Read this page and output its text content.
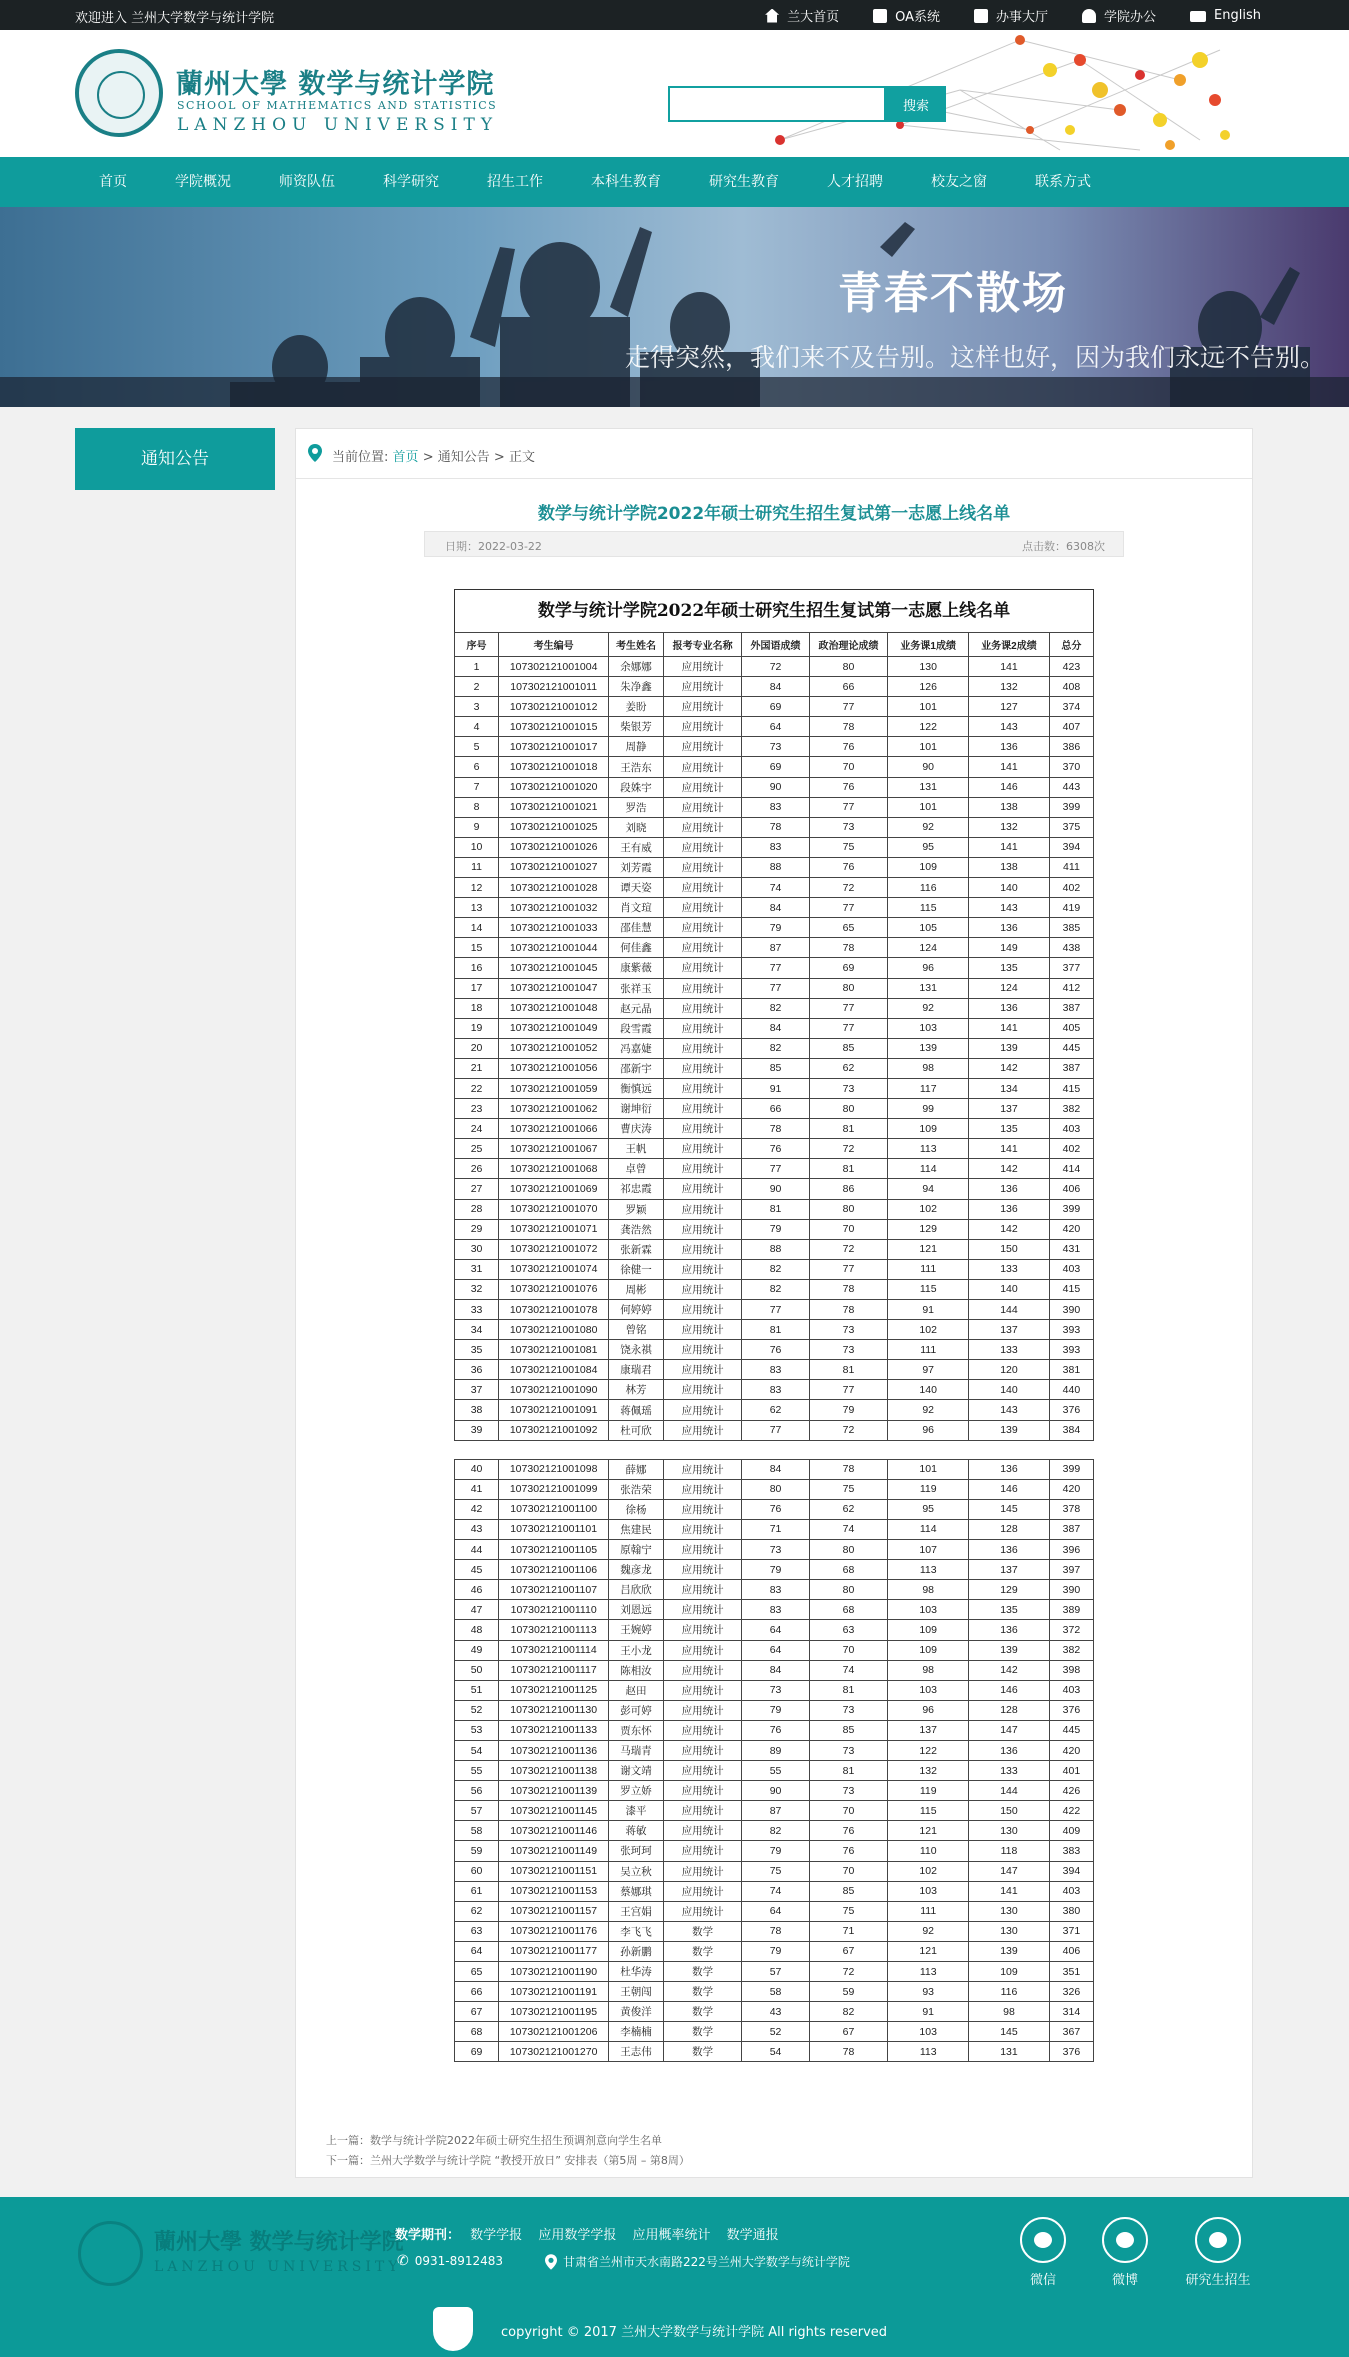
欢迎进入 兰州大学数学与统计学院	兰大首页	OA系统	办事大厅	学院办公	English
蘭州大學 数学与统计学院
SCHOOL OF MATHEMATICS AND STATISTICS
LANZHOU UNIVERSITY
搜索
首页	学院概况	师资队伍	科学研究	招生工作	本科生教育	研究生教育	人才招聘	校友之窗	联系方式
青春不散场
走得突然，我们来不及告别。这样也好，因为我们永远不告别。
通知公告	当前位置: 首页 > 通知公告 > 正文
数学与统计学院2022年硕士研究生招生复试第一志愿上线名单
日期：2022-03-22	点击数：6308次
数学与统计学院2022年硕士研究生招生复试第一志愿上线名单
序号	考生编号	考生姓名	报考专业名称	外国语成绩	政治理论成绩	业务课1成绩	业务课2成绩	总分
1	107302121001004	余娜娜	应用统计	72	80	130	141	423
2	107302121001011	朱净鑫	应用统计	84	66	126	132	408
3	107302121001012	姜盼	应用统计	69	77	101	127	374
4	107302121001015	柴银芳	应用统计	64	78	122	143	407
5	107302121001017	周静	应用统计	73	76	101	136	386
6	107302121001018	王浩东	应用统计	69	70	90	141	370
7	107302121001020	段姝宇	应用统计	90	76	131	146	443
8	107302121001021	罗浩	应用统计	83	77	101	138	399
9	107302121001025	刘晓	应用统计	78	73	92	132	375
10	107302121001026	王有威	应用统计	83	75	95	141	394
11	107302121001027	刘芳霞	应用统计	88	76	109	138	411
12	107302121001028	谭天姿	应用统计	74	72	116	140	402
13	107302121001032	肖文瑄	应用统计	84	77	115	143	419
14	107302121001033	邵佳慧	应用统计	79	65	105	136	385
15	107302121001044	何佳鑫	应用统计	87	78	124	149	438
16	107302121001045	康紫薇	应用统计	77	69	96	135	377
17	107302121001047	张祥玉	应用统计	77	80	131	124	412
18	107302121001048	赵元晶	应用统计	82	77	92	136	387
19	107302121001049	段雪霞	应用统计	84	77	103	141	405
20	107302121001052	冯嘉婕	应用统计	82	85	139	139	445
21	107302121001056	邵新宇	应用统计	85	62	98	142	387
22	107302121001059	衡慎远	应用统计	91	73	117	134	415
23	107302121001062	谢坤衍	应用统计	66	80	99	137	382
24	107302121001066	曹庆涛	应用统计	78	81	109	135	403
25	107302121001067	王帆	应用统计	76	72	113	141	402
26	107302121001068	卓曾	应用统计	77	81	114	142	414
27	107302121001069	祁忠霞	应用统计	90	86	94	136	406
28	107302121001070	罗颖	应用统计	81	80	102	136	399
29	107302121001071	龚浩然	应用统计	79	70	129	142	420
30	107302121001072	张新霖	应用统计	88	72	121	150	431
31	107302121001074	徐健一	应用统计	82	77	111	133	403
32	107302121001076	周彬	应用统计	82	78	115	140	415
33	107302121001078	何婷婷	应用统计	77	78	91	144	390
34	107302121001080	曾铭	应用统计	81	73	102	137	393
35	107302121001081	饶永祺	应用统计	76	73	111	133	393
36	107302121001084	康瑞君	应用统计	83	81	97	120	381
37	107302121001090	林芳	应用统计	83	77	140	140	440
38	107302121001091	蒋佩瑶	应用统计	62	79	92	143	376
39	107302121001092	杜可欣	应用统计	77	72	96	139	384
40	107302121001098	薛娜	应用统计	84	78	101	136	399
41	107302121001099	张浩荣	应用统计	80	75	119	146	420
42	107302121001100	徐杨	应用统计	76	62	95	145	378
43	107302121001101	焦建民	应用统计	71	74	114	128	387
44	107302121001105	原翰宁	应用统计	73	80	107	136	396
45	107302121001106	魏彦龙	应用统计	79	68	113	137	397
46	107302121001107	吕欣欣	应用统计	83	80	98	129	390
47	107302121001110	刘恩远	应用统计	83	68	103	135	389
48	107302121001113	王婉婷	应用统计	64	63	109	136	372
49	107302121001114	王小龙	应用统计	64	70	109	139	382
50	107302121001117	陈相汝	应用统计	84	74	98	142	398
51	107302121001125	赵田	应用统计	73	81	103	146	403
52	107302121001130	彭可婷	应用统计	79	73	96	128	376
53	107302121001133	贾东怀	应用统计	76	85	137	147	445
54	107302121001136	马瑞青	应用统计	89	73	122	136	420
55	107302121001138	谢文靖	应用统计	55	81	132	133	401
56	107302121001139	罗立娇	应用统计	90	73	119	144	426
57	107302121001145	漆平	应用统计	87	70	115	150	422
58	107302121001146	蒋敏	应用统计	82	76	121	130	409
59	107302121001149	张珂珂	应用统计	79	76	110	118	383
60	107302121001151	吴立秋	应用统计	75	70	102	147	394
61	107302121001153	蔡娜琪	应用统计	74	85	103	141	403
62	107302121001157	王宫娟	应用统计	64	75	111	130	380
63	107302121001176	李飞飞	数学	78	71	92	130	371
64	107302121001177	孙新鹏	数学	79	67	121	139	406
65	107302121001190	杜华涛	数学	57	72	113	109	351
66	107302121001191	王朝闯	数学	58	59	93	116	326
67	107302121001195	黄俊洋	数学	43	82	91	98	314
68	107302121001206	李楠楠	数学	52	67	103	145	367
69	107302121001270	王志伟	数学	54	78	113	131	376
上一篇：数学与统计学院2022年硕士研究生招生预调剂意向学生名单
下一篇：兰州大学数学与统计学院 “教授开放日” 安排表（第5周 – 第8周）
蘭州大學 数学与统计学院
LANZHOU UNIVERSITY
数学期刊： 数学学报 应用数学学报 应用概率统计 数学通报
✆ 0931-8912483	甘肃省兰州市天水南路222号兰州大学数学与统计学院
微信	微博	研究生招生
copyright © 2017 兰州大学数学与统计学院 All rights reserved
